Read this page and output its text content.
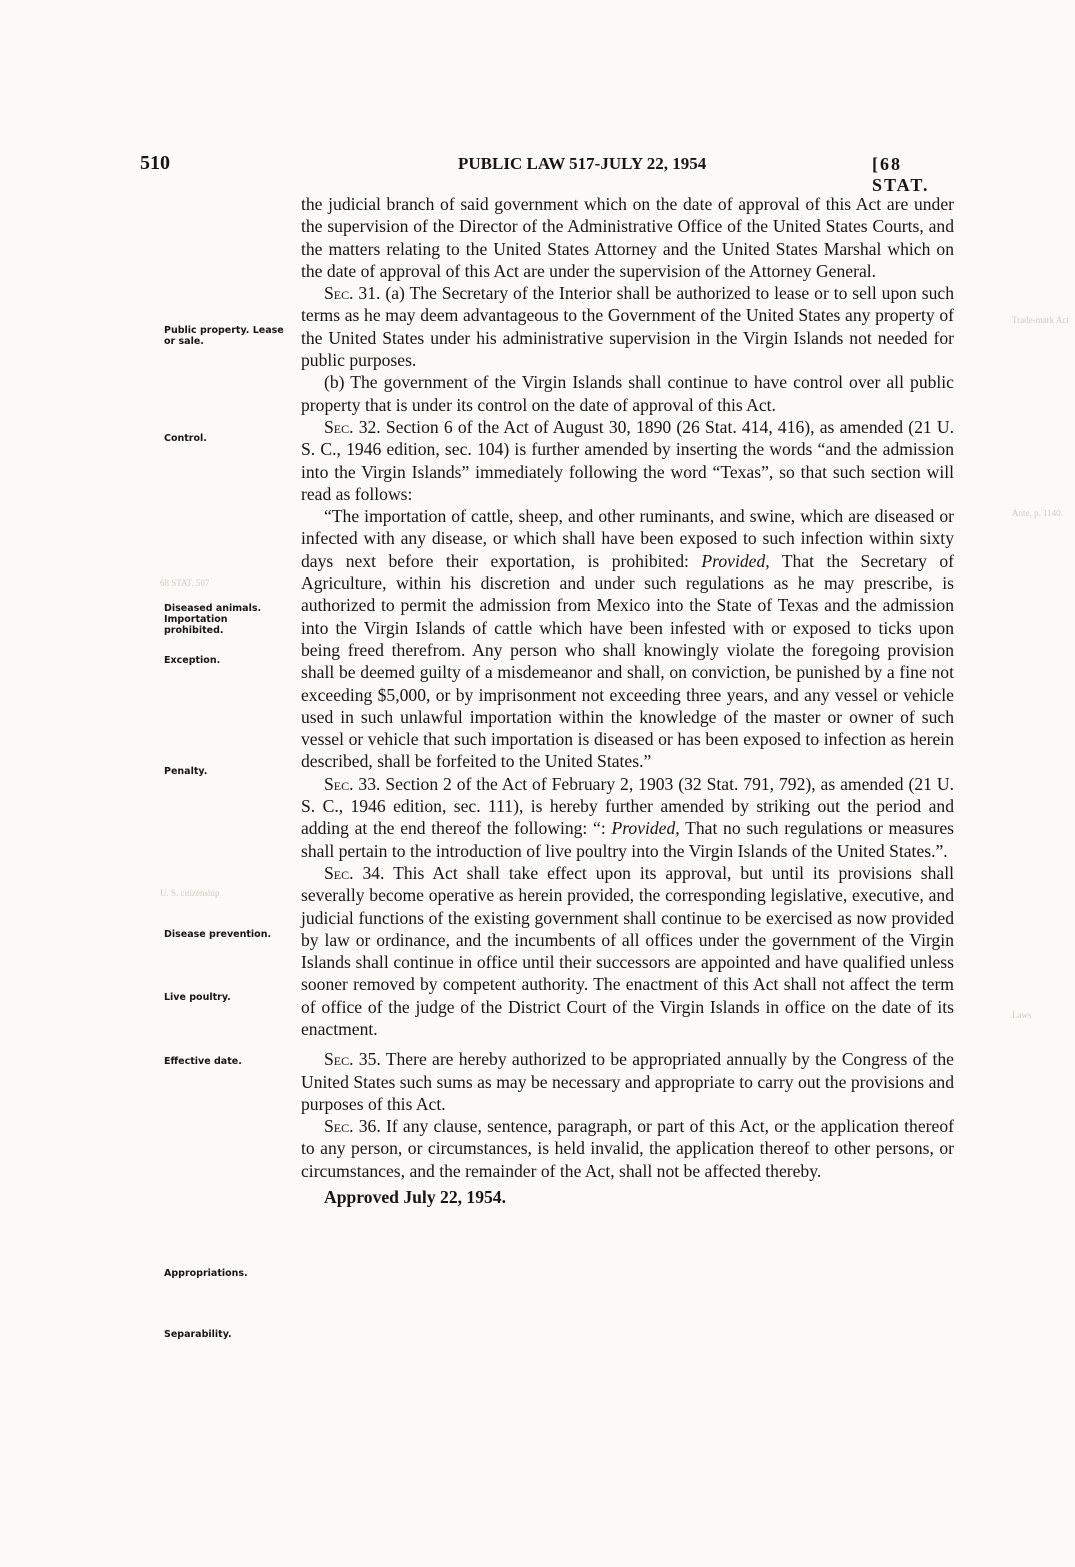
510	PUBLIC LAW 517-JULY 22, 1954	[68 STAT.
Trade-mark Act
Ante, p. 1140.
68 STAT. 507
U. S. citizenship
Laws
Public property. Lease or sale.
Control.
Diseased animals. Importation prohibited.
Exception.
Penalty.
Disease prevention.
Live poultry.
Effective date.
Appropriations.
Separability.

the judicial branch of said government which on the date of approval of this Act are under the supervision of the Director of the Administrative Office of the United States Courts, and the matters relating to the United States Attorney and the United States Marshal which on the date of approval of this Act are under the supervision of the Attorney General.

Sec. 31. (a) The Secretary of the Interior shall be authorized to lease or to sell upon such terms as he may deem advantageous to the Government of the United States any property of the United States under his administrative supervision in the Virgin Islands not needed for public purposes.

(b) The government of the Virgin Islands shall continue to have control over all public property that is under its control on the date of approval of this Act.

Sec. 32. Section 6 of the Act of August 30, 1890 (26 Stat. 414, 416), as amended (21 U. S. C., 1946 edition, sec. 104) is further amended by inserting the words “and the admission into the Virgin Islands” immediately following the word “Texas”, so that such section will read as follows:

“The importation of cattle, sheep, and other ruminants, and swine, which are diseased or infected with any disease, or which shall have been exposed to such infection within sixty days next before their exportation, is prohibited: Provided, That the Secretary of Agriculture, within his discretion and under such regulations as he may prescribe, is authorized to permit the admission from Mexico into the State of Texas and the admission into the Virgin Islands of cattle which have been infested with or exposed to ticks upon being freed therefrom. Any person who shall knowingly violate the foregoing provision shall be deemed guilty of a misdemeanor and shall, on conviction, be punished by a fine not exceeding $5,000, or by imprisonment not exceeding three years, and any vessel or vehicle used in such unlawful importation within the knowledge of the master or owner of such vessel or vehicle that such importation is diseased or has been exposed to infection as herein described, shall be forfeited to the United States.”

Sec. 33. Section 2 of the Act of February 2, 1903 (32 Stat. 791, 792), as amended (21 U. S. C., 1946 edition, sec. 111), is hereby further amended by striking out the period and adding at the end thereof the following: “: Provided, That no such regulations or measures shall pertain to the introduction of live poultry into the Virgin Islands of the United States.”.

Sec. 34. This Act shall take effect upon its approval, but until its provisions shall severally become operative as herein provided, the corresponding legislative, executive, and judicial functions of the existing government shall continue to be exercised as now provided by law or ordinance, and the incumbents of all offices under the government of the Virgin Islands shall continue in office until their successors are appointed and have qualified unless sooner removed by competent authority. The enactment of this Act shall not affect the term of office of the judge of the District Court of the Virgin Islands in office on the date of its enactment.

Sec. 35. There are hereby authorized to be appropriated annually by the Congress of the United States such sums as may be necessary and appropriate to carry out the provisions and purposes of this Act.

Sec. 36. If any clause, sentence, paragraph, or part of this Act, or the application thereof to any person, or circumstances, is held invalid, the application thereof to other persons, or circumstances, and the remainder of the Act, shall not be affected thereby.

Approved July 22, 1954.
